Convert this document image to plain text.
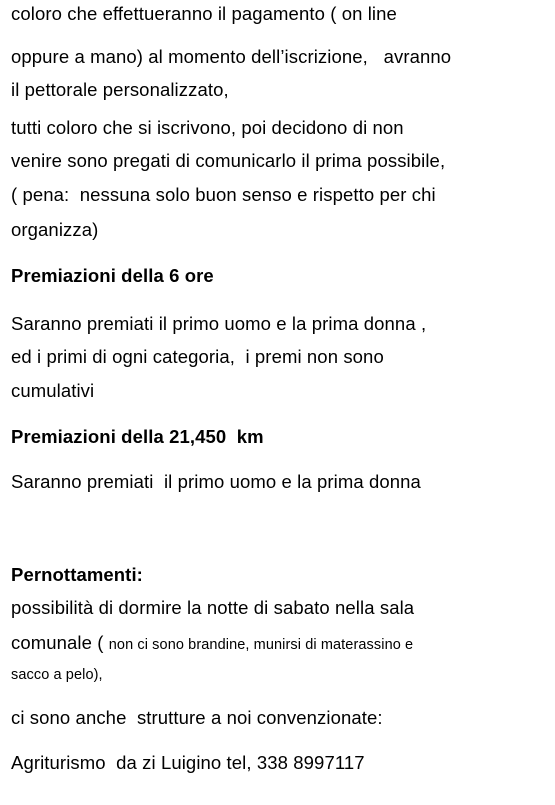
coloro che effettueranno il pagamento ( on line
oppure a mano) al momento dell’iscrizione,   avranno
il pettorale personalizzato,
tutti coloro che si iscrivono, poi decidono di non
venire sono pregati di comunicarlo il prima possibile,
( pena:  nessuna solo buon senso e rispetto per chi
organizza)
Premiazioni della 6 ore
Saranno premiati il primo uomo e la prima donna ,
ed i primi di ogni categoria,  i premi non sono
cumulativi
Premiazioni della 21,450  km
Saranno premiati  il primo uomo e la prima donna
Pernottamenti:
possibilità di dormire la notte di sabato nella sala
comunale ( non ci sono brandine, munirsi di materassino e
sacco a pelo),
ci sono anche  strutture a noi convenzionate:
Agriturismo  da zi Luigino tel, 338 8997117
